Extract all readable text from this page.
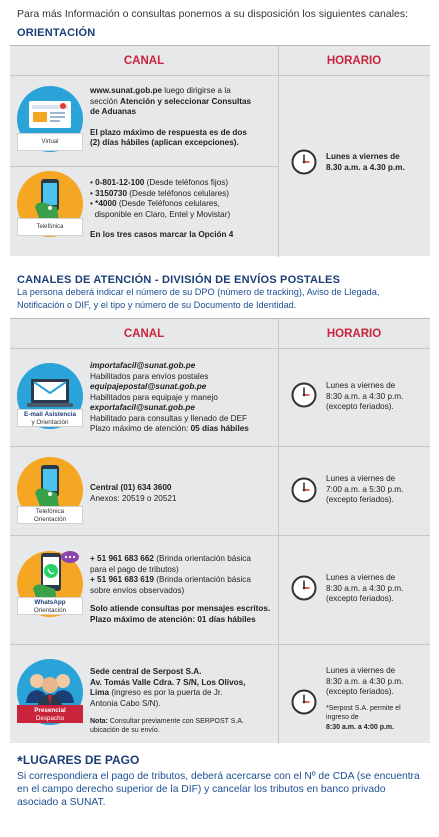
Para más Información o consultas ponemos a su disposición los siguientes canales:
ORIENTACIÓN
CANAL	HORARIO
Virtual
www.sunat.gob.pe luego dirigirse a la
sección Atención y seleccionar Consultas
de Aduanas
El plazo máximo de respuesta es de dos
(2) días hábiles (aplican excepciones).
Telefónica
• 0-801-12-100 (Desde teléfonos fijos)
• 3150730 (Desde teléfonos celulares)
• *4000 (Desde Teléfonos celulares,
disponible en Claro, Entel y Movistar)
En los tres casos marcar la Opción 4
Lunes a viernes de
8.30 a.m. a 4.30 p.m.
CANALES DE ATENCIÓN - DIVISIÓN DE ENVÍOS POSTALES
La persona deberá indicar el número de su DPO (número de tracking), Aviso de Llegada, Notificación o DIF, y el tipo y número de su Documento de Identidad.
CANAL	HORARIO
E-mail Asistencia
y Orientación
importafacil@sunat.gob.pe
Habilitados para envíos postales
equipajepostal@sunat.gob.pe
Habilitados para equipaje y manejo
exportafacil@sunat.gob.pe
Habilitado para consultas y llenado de DEF
Plazo máximo de atención: 05 días hábiles
Lunes a viernes de
8:30 a.m. a 4:30 p.m.
(excepto feriados).
Telefónica
Orientación
Central (01) 634 3600
Anexos: 20519 o 20521
Lunes a viernes de
7:00 a.m. a 5:30 p.m.
(excepto feriados).
WhatsApp
Orientación
+ 51 961 683 662 (Brinda orientación básica
para el pago de tributos)
+ 51 961 683 619 (Brinda orientación básica
sobre envíos observados)
Solo atiende consultas por mensajes escritos.
Plazo máximo de atención: 01 días hábiles
Lunes a viernes de
8:30 a.m. a 4:30 p.m.
(excepto feriados).
Presencial
Despacho
Sede central de Serpost S.A.
Av. Tomás Valle Cdra. 7 S/N, Los Olivos,
Lima (ingreso es por la puerta de Jr.
Antonia Cabo S/N).
Nota: Consultar previamente con SERPOST S.A.
ubicación de su envío.
Lunes a viernes de
8:30 a.m. a 4:30 p.m.
(excepto feriados).
*Serpost S.A. permite el
ingreso de
8:30 a.m. a 4:00 p.m.
*LUGARES DE PAGO
Si correspondiera el pago de tributos, deberá acercarse con el Nº de CDA (se encuentra en el campo derecho superior de la DIF) y cancelar los tributos en banco privado asociado a SUNAT.
